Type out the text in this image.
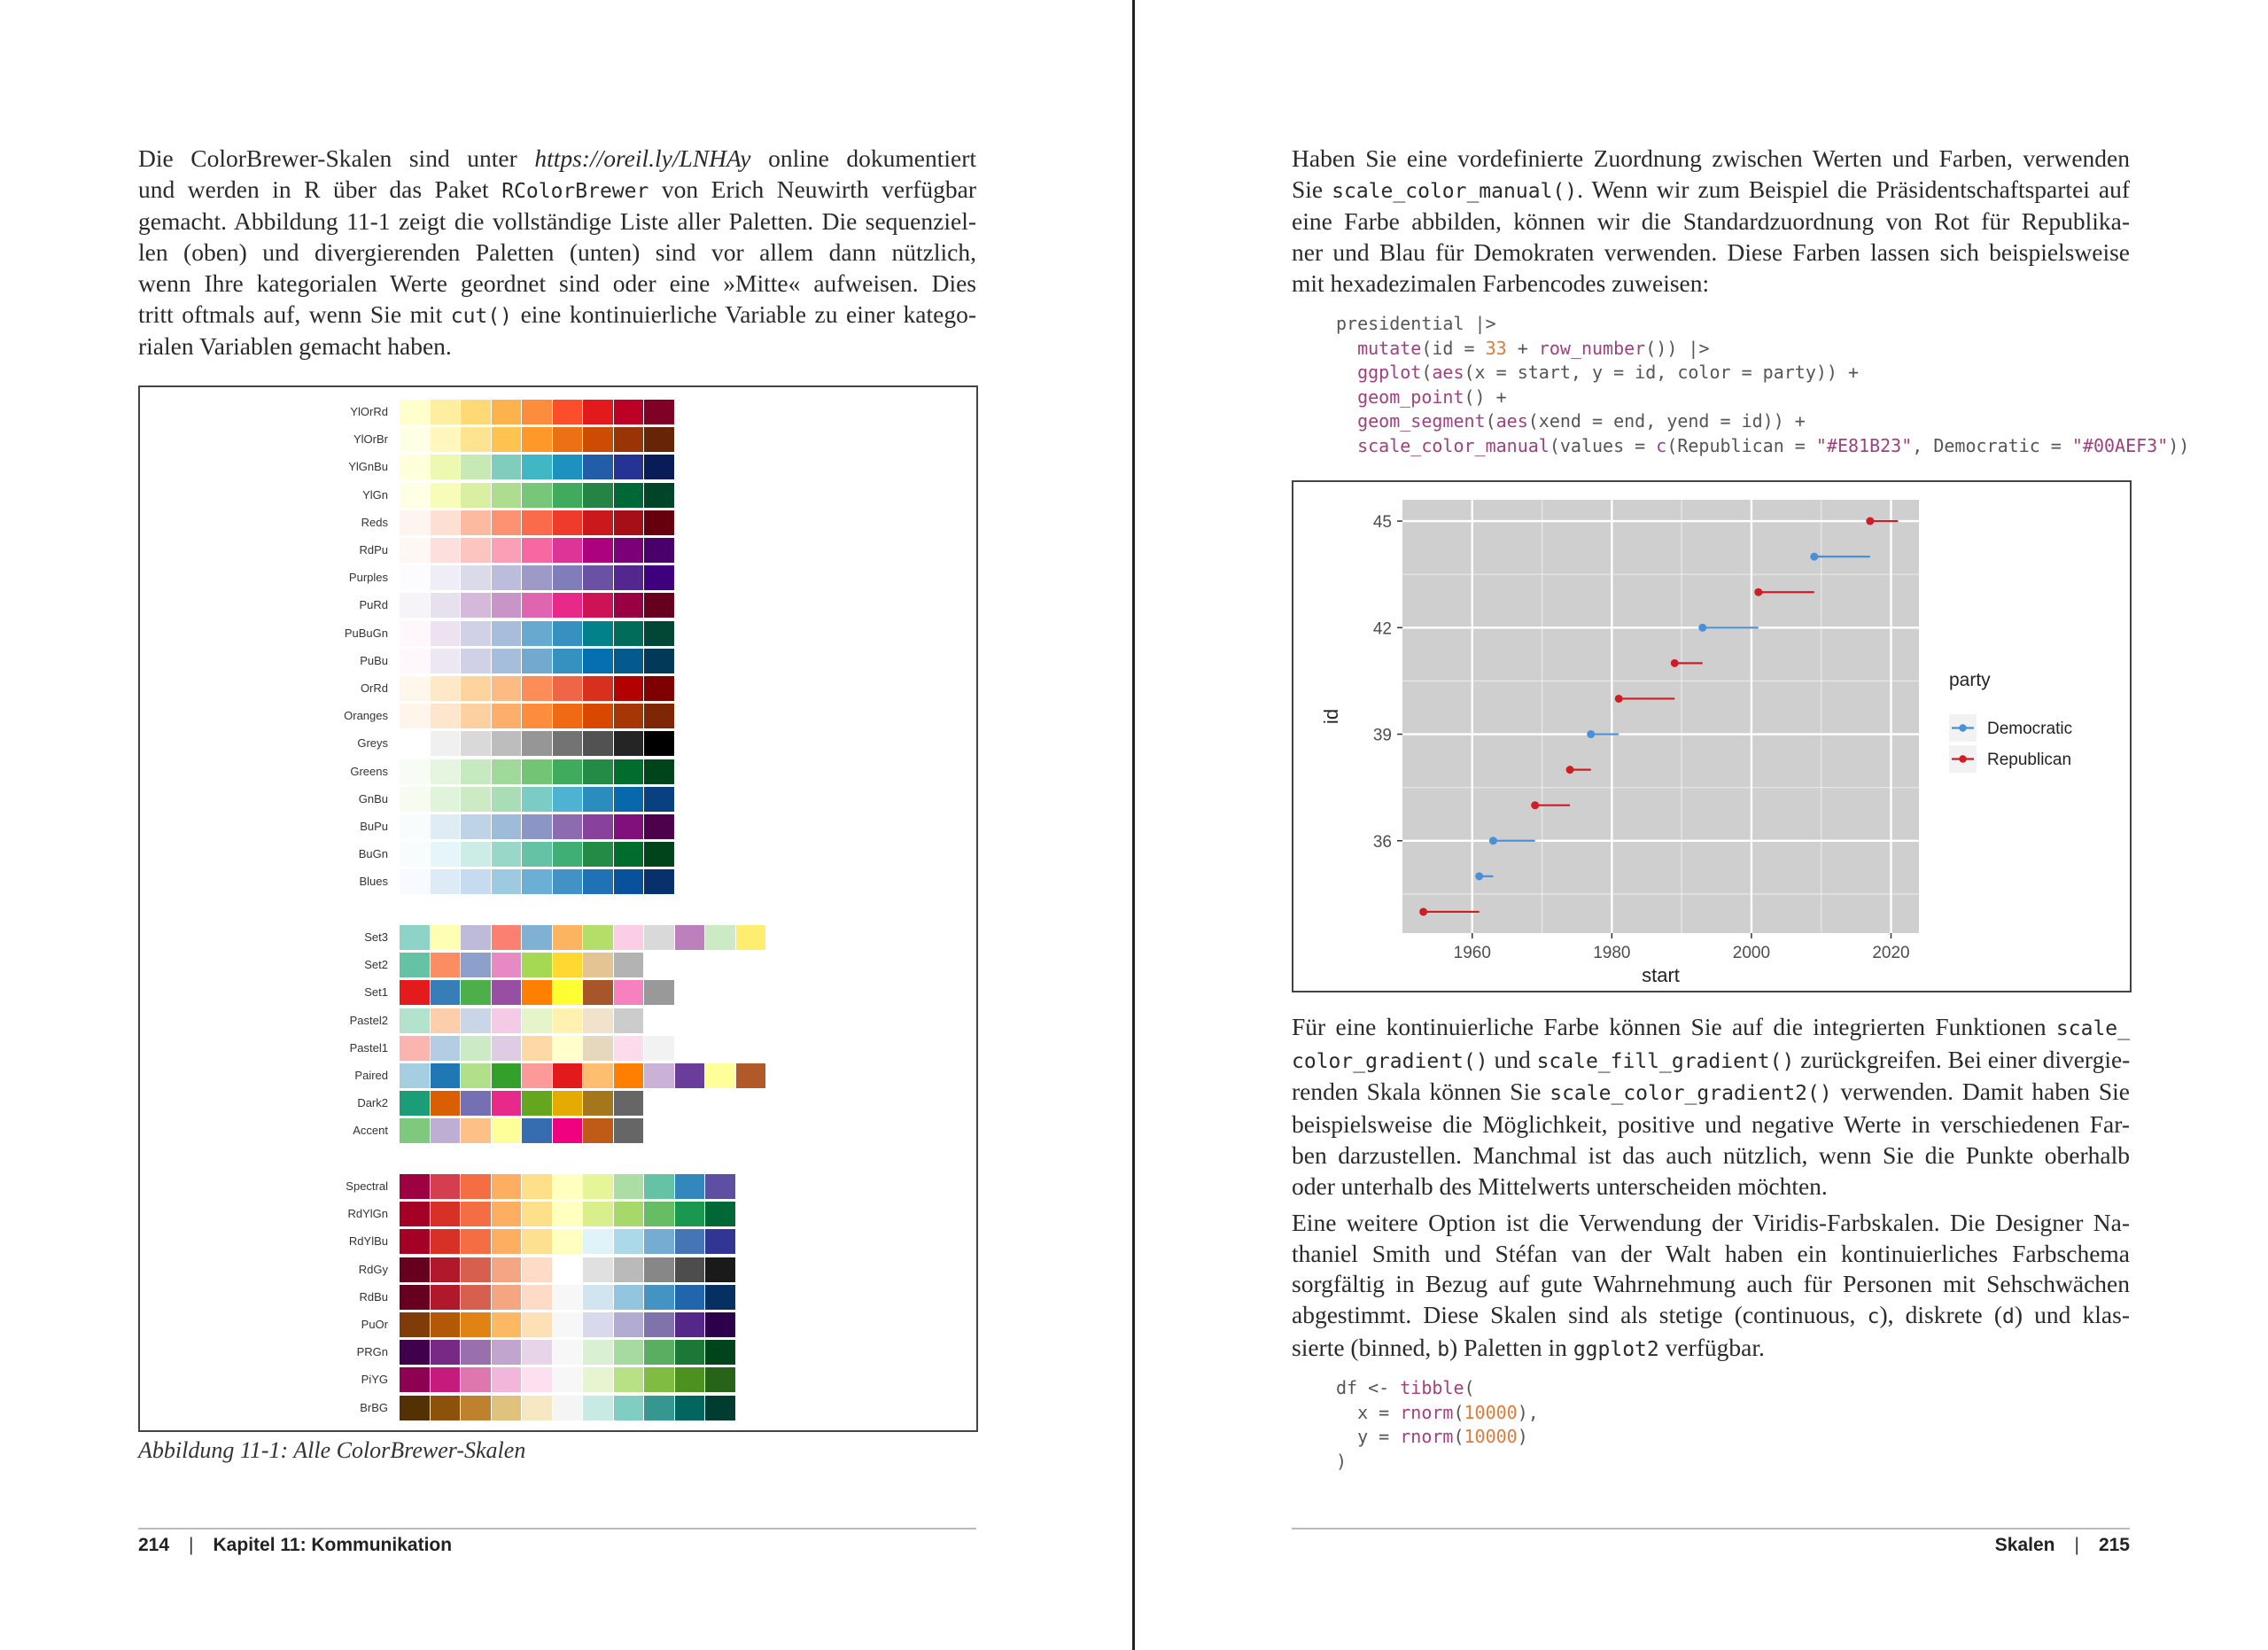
Die ColorBrewer-Skalen sind unter https://oreil.ly/LNHAy online dokumentiert
und werden in R über das Paket RColorBrewer von Erich Neuwirth verfügbar
gemacht. Abbildung 11-1 zeigt die vollständige Liste aller Paletten. Die sequenziel-
len (oben) und divergierenden Paletten (unten) sind vor allem dann nützlich,
wenn Ihre kategorialen Werte geordnet sind oder eine »Mitte« aufweisen. Dies
tritt oftmals auf, wenn Sie mit cut() eine kontinuierliche Variable zu einer katego-
rialen Variablen gemacht haben.
YlOrRd
YlOrBr
YlGnBu
YlGn
Reds
RdPu
Purples
PuRd
PuBuGn
PuBu
OrRd
Oranges
Greys
Greens
GnBu
BuPu
BuGn
Blues
Set3
Set2
Set1
Pastel2
Pastel1
Paired
Dark2
Accent
Spectral
RdYlGn
RdYlBu
RdGy
RdBu
PuOr
PRGn
PiYG
BrBG
Abbildung 11-1: Alle ColorBrewer-Skalen
214 | Kapitel 11: Kommunikation
Haben Sie eine vordefinierte Zuordnung zwischen Werten und Farben, verwenden
Sie scale_color_manual(). Wenn wir zum Beispiel die Präsidentschaftspartei auf
eine Farbe abbilden, können wir die Standardzuordnung von Rot für Republika-
ner und Blau für Demokraten verwenden. Diese Farben lassen sich beispielsweise
mit hexadezimalen Farbencodes zuweisen:
presidential |>
mutate(id = 33 + row_number()) |>
ggplot(aes(x = start, y = id, color = party)) +
geom_point() +
geom_segment(aes(xend = end, yend = id)) +
scale_color_manual(values = c(Republican = "#E81B23", Democratic = "#00AEF3"))
1960	1980	2000	2020
36
39
42
45
start
id
party
Democratic
Republican
Für eine kontinuierliche Farbe können Sie auf die integrierten Funktionen scale_
color_gradient() und scale_fill_gradient() zurückgreifen. Bei einer divergie-
renden Skala können Sie scale_color_gradient2() verwenden. Damit haben Sie
beispielsweise die Möglichkeit, positive und negative Werte in verschiedenen Far-
ben darzustellen. Manchmal ist das auch nützlich, wenn Sie die Punkte oberhalb
oder unterhalb des Mittelwerts unterscheiden möchten.
Eine weitere Option ist die Verwendung der Viridis-Farbskalen. Die Designer Na-
thaniel Smith und Stéfan van der Walt haben ein kontinuierliches Farbschema
sorgfältig in Bezug auf gute Wahrnehmung auch für Personen mit Sehschwächen
abgestimmt. Diese Skalen sind als stetige (continuous, c), diskrete (d) und klas-
sierte (binned, b) Paletten in ggplot2 verfügbar.
df <- tibble(
x = rnorm(10000),
y = rnorm(10000)
)
Skalen | 215
